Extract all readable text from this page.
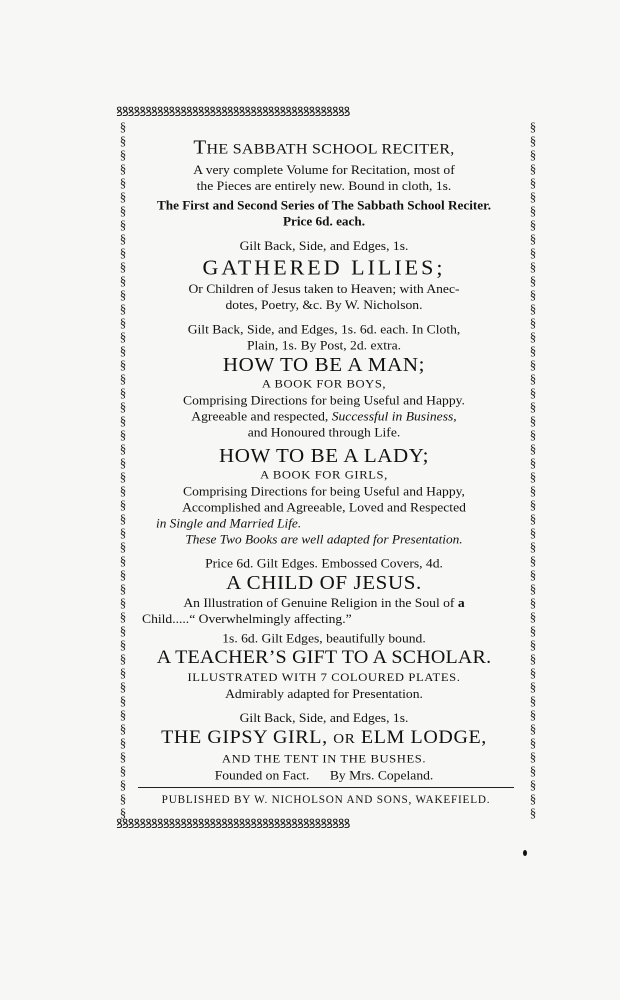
ꝸꝸꝸꝸꝸꝸꝸꝸꝸꝸꝸꝸꝸꝸꝸꝸꝸꝸꝸꝸꝸꝸꝸꝸꝸꝸꝸꝸꝸꝸꝸꝸꝸꝸꝸꝸꝸꝸꝸꝸ
ꝸꝸꝸꝸꝸꝸꝸꝸꝸꝸꝸꝸꝸꝸꝸꝸꝸꝸꝸꝸꝸꝸꝸꝸꝸꝸꝸꝸꝸꝸꝸꝸꝸꝸꝸꝸꝸꝸꝸꝸ
§
§
§
§
§
§
§
§
§
§
§
§
§
§
§
§
§
§
§
§
§
§
§
§
§
§
§
§
§
§
§
§
§
§
§
§
§
§
§
§
§
§
§
§
§
§
§
§
§
§
§
§
§
§
§
§
§
§
§
§
§
§
§
§
§
§
§
§
§
§
§
§
§
§
§
§
§
§
§
§
§
§
§
§
§
§
§
§
§
§
§
§
§
§
§
§
§
§
§
§
THE SABBATH SCHOOL RECITER,
A very complete Volume for Recitation, most of
the Pieces are entirely new. Bound in cloth, 1s.
The First and Second Series of The Sabbath School Reciter.
Price 6d. each.
Gilt Back, Side, and Edges, 1s.
GATHERED LILIES;
Or Children of Jesus taken to Heaven; with Anec-
dotes, Poetry, &c. By W. Nicholson.
Gilt Back, Side, and Edges, 1s. 6d. each. In Cloth,
Plain, 1s. By Post, 2d. extra.
HOW TO BE A MAN;
A BOOK FOR BOYS,
Comprising Directions for being Useful and Happy.
Agreeable and respected, Successful in Business,
and Honoured through Life.
HOW TO BE A LADY;
A BOOK FOR GIRLS,
Comprising Directions for being Useful and Happy,
Accomplished and Agreeable, Loved and Respected
in Single and Married Life.
These Two Books are well adapted for Presentation.
Price 6d. Gilt Edges. Embossed Covers, 4d.
A CHILD OF JESUS.
An Illustration of Genuine Religion in the Soul of a
Child.....“ Overwhelmingly affecting.”
1s. 6d. Gilt Edges, beautifully bound.
A TEACHER’S GIFT TO A SCHOLAR.
ILLUSTRATED WITH 7 COLOURED PLATES.
Admirably adapted for Presentation.
Gilt Back, Side, and Edges, 1s.
THE GIPSY GIRL, OR ELM LODGE,
AND THE TENT IN THE BUSHES.
Founded on Fact.      By Mrs. Copeland.
PUBLISHED BY W. NICHOLSON AND SONS, WAKEFIELD.
